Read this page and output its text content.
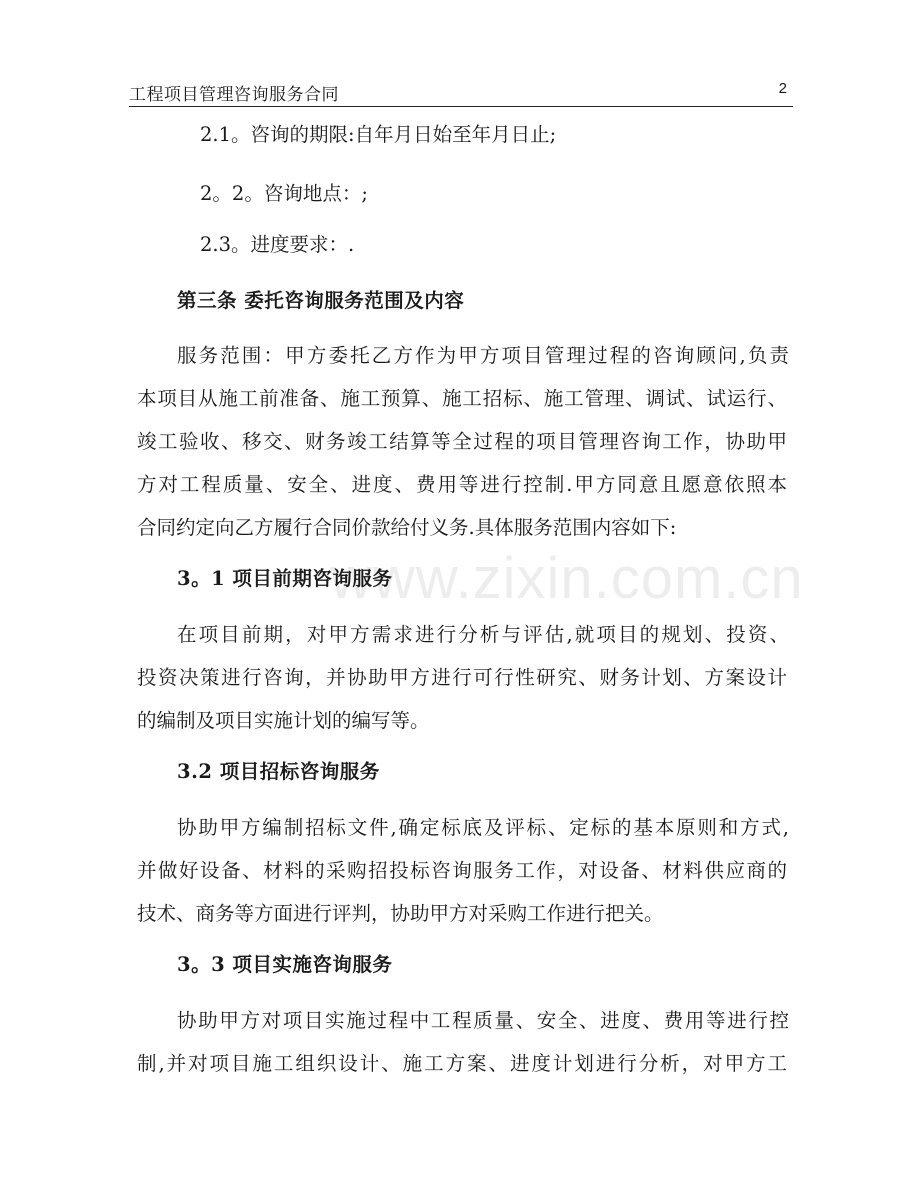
工程项目管理咨询服务合同	2
www.zixin.com.cn
2.1。咨询的期限:自年月日始至年月日止;
2。2。咨询地点：;
2.3。进度要求：.
第三条 委托咨询服务范围及内容
服务范围：甲方委托乙方作为甲方项目管理过程的咨询顾问,负责
本项目从施工前准备、施工预算、施工招标、施工管理、调试、试运行、
竣工验收、移交、财务竣工结算等全过程的项目管理咨询工作，协助甲
方对工程质量、安全、进度、费用等进行控制.甲方同意且愿意依照本
合同约定向乙方履行合同价款给付义务.具体服务范围内容如下:
3。1 项目前期咨询服务
在项目前期，对甲方需求进行分析与评估,就项目的规划、投资、
投资决策进行咨询，并协助甲方进行可行性研究、财务计划、方案设计
的编制及项目实施计划的编写等。
3.2 项目招标咨询服务
协助甲方编制招标文件,确定标底及评标、定标的基本原则和方式,
并做好设备、材料的采购招投标咨询服务工作，对设备、材料供应商的
技术、商务等方面进行评判，协助甲方对采购工作进行把关。
3。3 项目实施咨询服务
协助甲方对项目实施过程中工程质量、安全、进度、费用等进行控
制,并对项目施工组织设计、施工方案、进度计划进行分析，对甲方工
